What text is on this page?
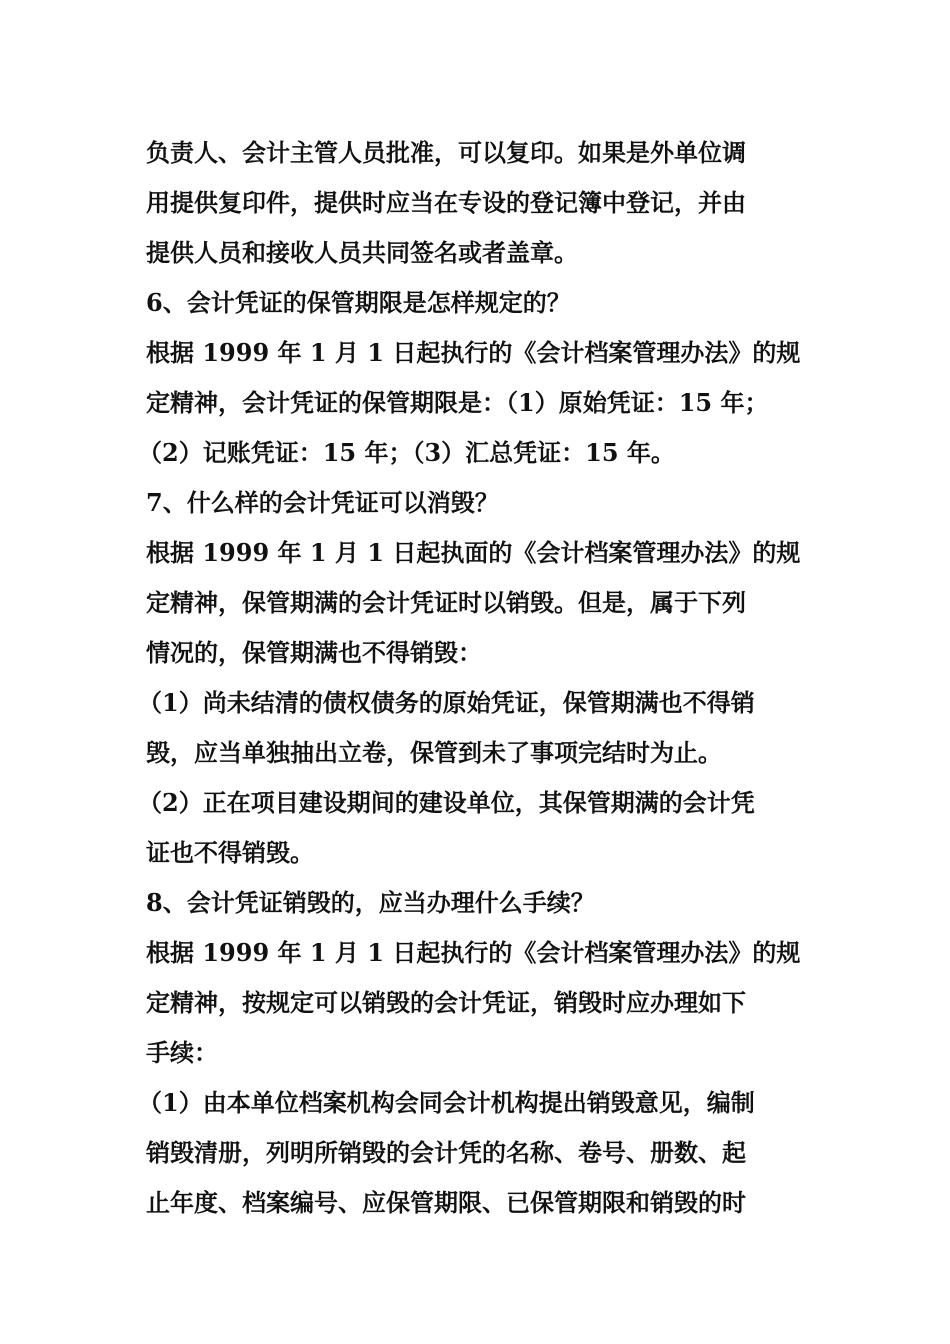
负责人、会计主管人员批准，可以复印。如果是外单位调
用提供复印件，提供时应当在专设的登记簿中登记，并由
提供人员和接收人员共同签名或者盖章。
6、会计凭证的保管期限是怎样规定的？
根据 1999 年 1 月 1 日起执行的《会计档案管理办法》的规
定精神，会计凭证的保管期限是：（1）原始凭证：15 年；
（2）记账凭证：15 年；（3）汇总凭证：15 年。
7、什么样的会计凭证可以消毁？
根据 1999 年 1 月 1 日起执面的《会计档案管理办法》的规
定精神，保管期满的会计凭证时以销毁。但是，属于下列
情况的，保管期满也不得销毁：
（1）尚未结清的债权债务的原始凭证，保管期满也不得销
毁，应当单独抽出立卷，保管到未了事项完结时为止。
（2）正在项目建设期间的建设单位，其保管期满的会计凭
证也不得销毁。
8、会计凭证销毁的，应当办理什么手续？
根据 1999 年 1 月 1 日起执行的《会计档案管理办法》的规
定精神，按规定可以销毁的会计凭证，销毁时应办理如下
手续：
（1）由本单位档案机构会同会计机构提出销毁意见，编制
销毁清册，列明所销毁的会计凭的名称、卷号、册数、起
止年度、档案编号、应保管期限、已保管期限和销毁的时
